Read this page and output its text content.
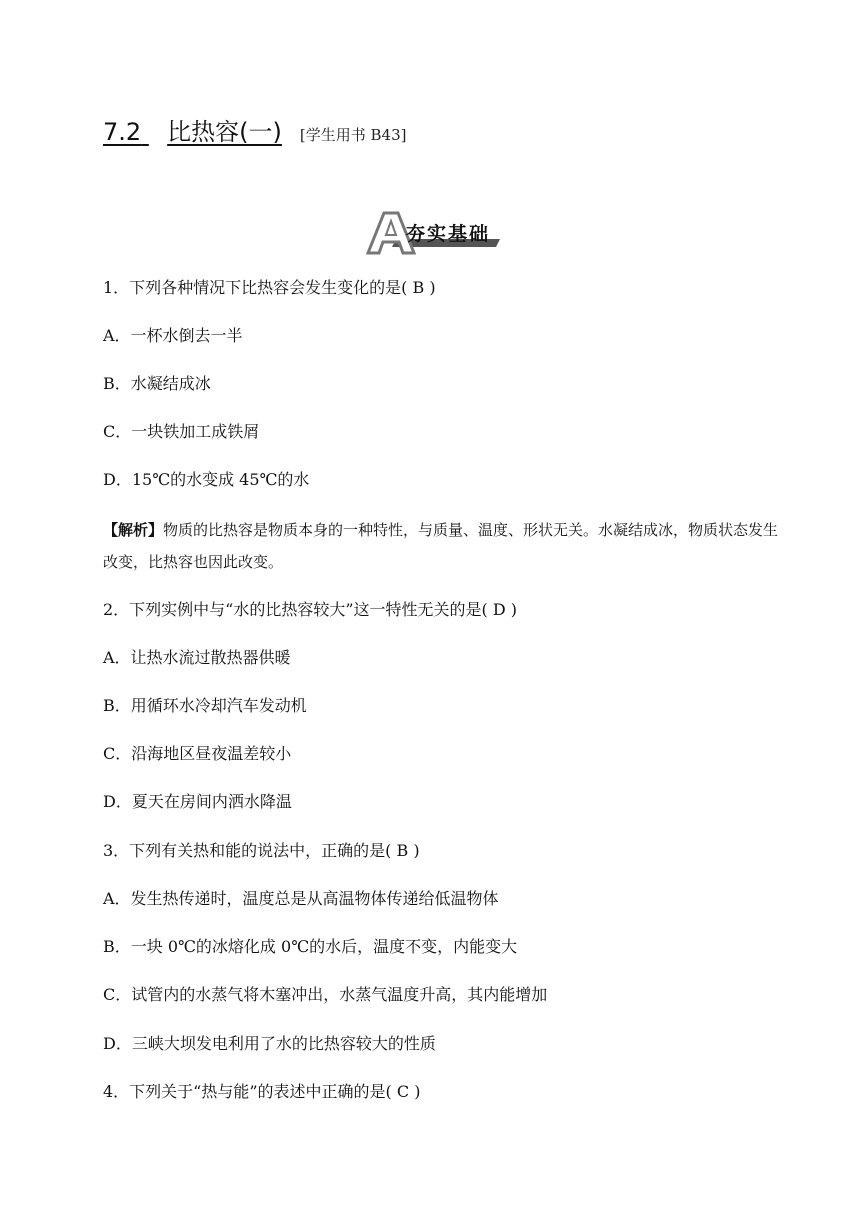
7.2
比热容(一) [学生用书 B43]
夯实基础
1．下列各种情况下比热容会发生变化的是( B )
A．一杯水倒去一半
B．水凝结成冰
C．一块铁加工成铁屑
D．15℃的水变成 45℃的水
【解析】物质的比热容是物质本身的一种特性，与质量、温度、形状无关。水凝结成冰，物质状态发生改变，比热容也因此改变。
2．下列实例中与“水的比热容较大”这一特性无关的是( D )
A．让热水流过散热器供暖
B．用循环水冷却汽车发动机
C．沿海地区昼夜温差较小
D．夏天在房间内洒水降温
3．下列有关热和能的说法中，正确的是( B )
A．发生热传递时，温度总是从高温物体传递给低温物体
B．一块 0℃的冰熔化成 0℃的水后，温度不变，内能变大
C．试管内的水蒸气将木塞冲出，水蒸气温度升高，其内能增加
D．三峡大坝发电利用了水的比热容较大的性质
4．下列关于“热与能”的表述中正确的是( C )
